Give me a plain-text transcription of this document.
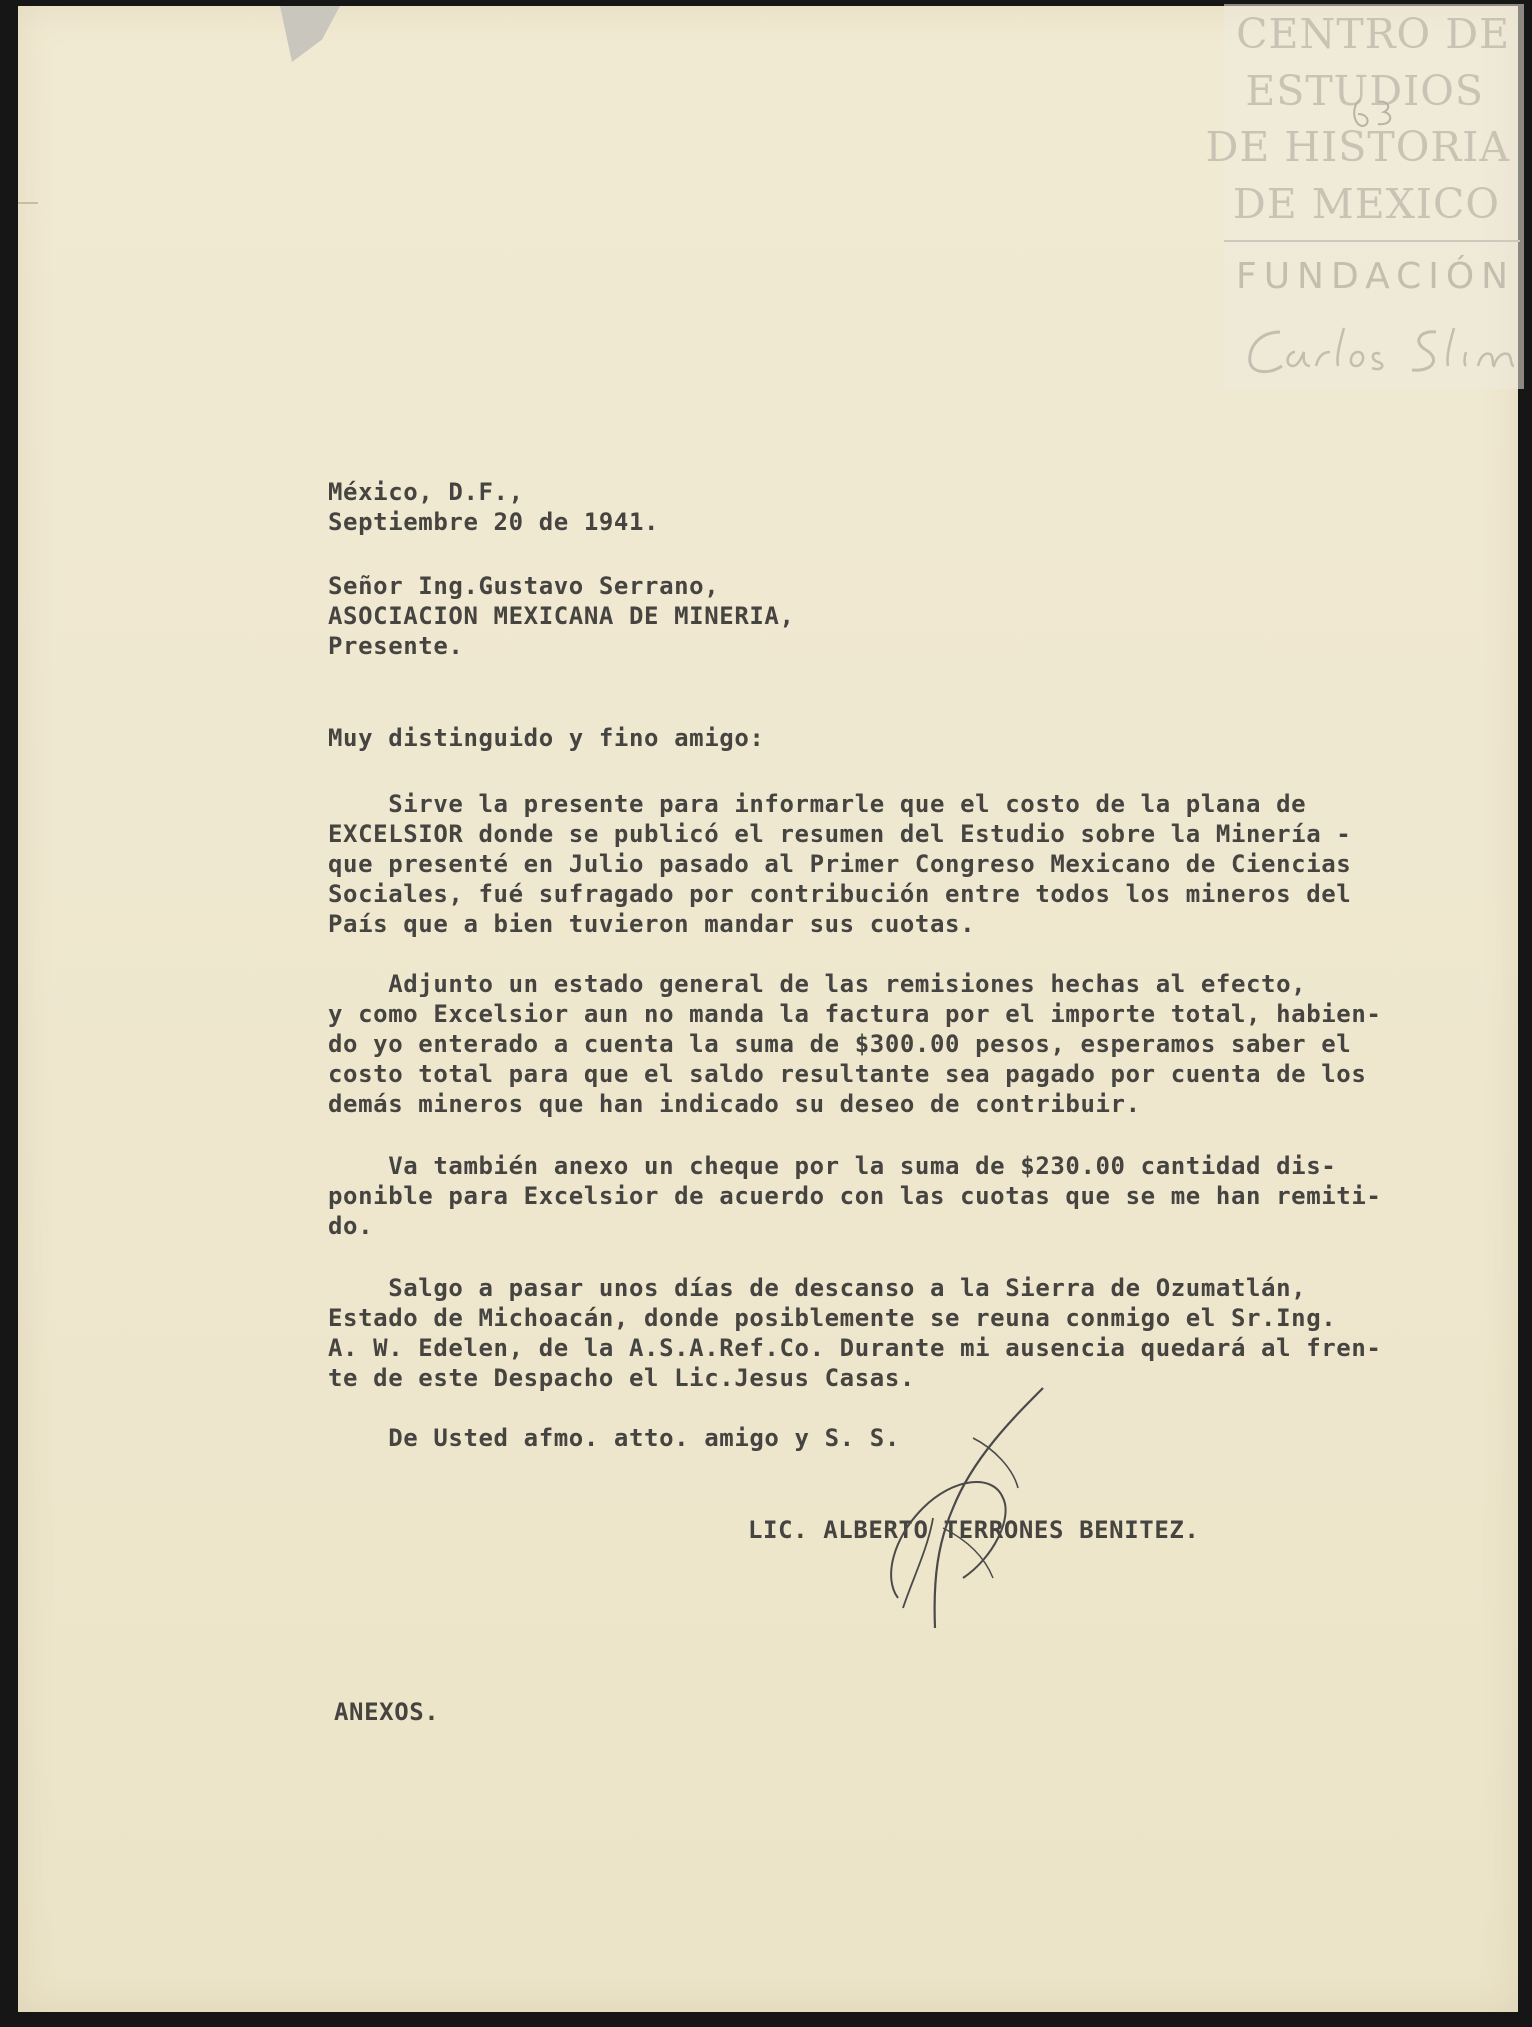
México, D.F.,
Septiembre 20 de 1941.
Señor Ing.Gustavo Serrano,
ASOCIACION MEXICANA DE MINERIA,
Presente.
Muy distinguido y fino amigo:
Sirve la presente para informarle que el costo de la plana de
EXCELSIOR donde se publicó el resumen del Estudio sobre la Minería -
que presenté en Julio pasado al Primer Congreso Mexicano de Ciencias
Sociales, fué sufragado por contribución entre todos los mineros del
País que a bien tuvieron mandar sus cuotas.
Adjunto un estado general de las remisiones hechas al efecto,
y como Excelsior aun no manda la factura por el importe total, habien-
do yo enterado a cuenta la suma de $300.00 pesos, esperamos saber el
costo total para que el saldo resultante sea pagado por cuenta de los
demás mineros que han indicado su deseo de contribuir.
Va también anexo un cheque por la suma de $230.00 cantidad dis-
ponible para Excelsior de acuerdo con las cuotas que se me han remiti-
do.
Salgo a pasar unos días de descanso a la Sierra de Ozumatlán,
Estado de Michoacán, donde posiblemente se reuna conmigo el Sr.Ing.
A. W. Edelen, de la A.S.A.Ref.Co. Durante mi ausencia quedará al fren-
te de este Despacho el Lic.Jesus Casas.
De Usted afmo. atto. amigo y S. S.
LIC. ALBERTO TERRONES BENITEZ.
ANEXOS.
CENTRO DE
ESTUDIOS
DE HISTORIA
DE MEXICO
FUNDACIÓN
